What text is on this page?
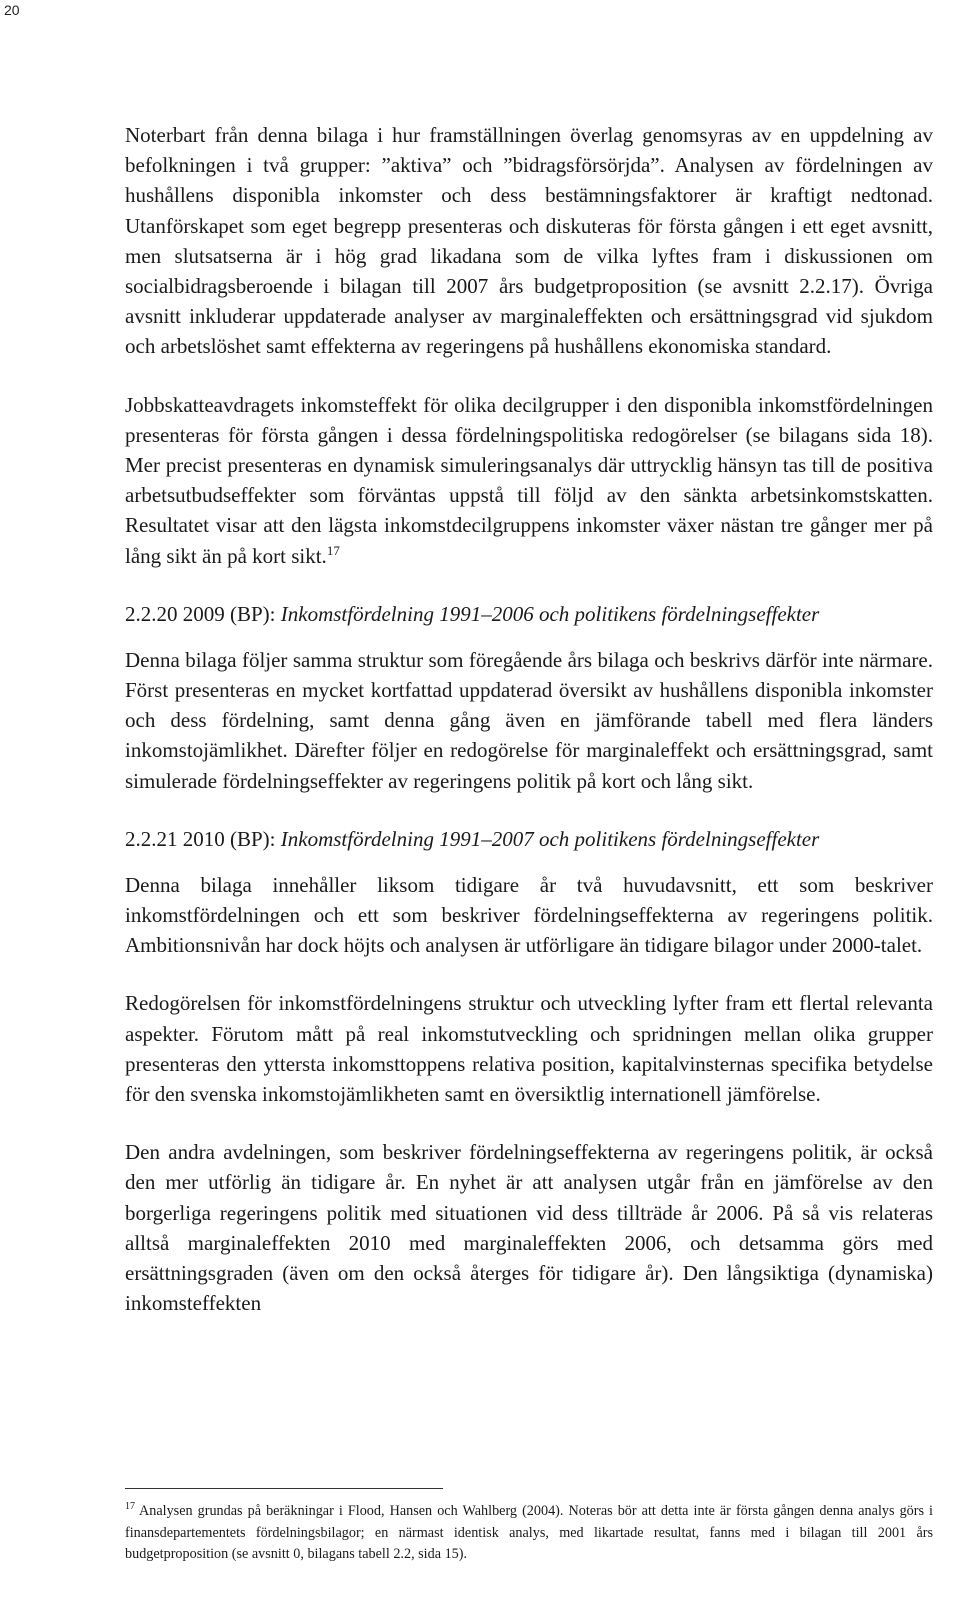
20

Noterbart från denna bilaga i hur framställningen överlag genomsyras av en uppdelning av befolkningen i två grupper: ”aktiva” och ”bidragsförsörjda”. Analysen av fördelningen av hushållens disponibla inkomster och dess bestämningsfaktorer är kraftigt nedtonad. Utanförskapet som eget begrepp presenteras och diskuteras för första gången i ett eget avsnitt, men slutsatserna är i hög grad likadana som de vilka lyftes fram i diskussionen om socialbidragsberoende i bilagan till 2007 års budgetproposition (se avsnitt 2.2.17). Övriga avsnitt inkluderar uppdaterade analyser av marginaleffekten och ersättningsgrad vid sjukdom och arbetslöshet samt effekterna av regeringens på hushållens ekonomiska standard.

Jobbskatteavdragets inkomsteffekt för olika decilgrupper i den disponibla inkomstfördelningen presenteras för första gången i dessa fördelningspolitiska redogörelser (se bilagans sida 18). Mer precist presenteras en dynamisk simuleringsanalys där uttrycklig hänsyn tas till de positiva arbetsutbudseffekter som förväntas uppstå till följd av den sänkta arbetsinkomstskatten. Resultatet visar att den lägsta inkomstdecilgruppens inkomster växer nästan tre gånger mer på lång sikt än på kort sikt.$^{17}$

2.2.20 2009 (BP): Inkomstfördelning 1991–2006 och politikens fördelningseffekter

Denna bilaga följer samma struktur som föregående års bilaga och beskrivs därför inte närmare. Först presenteras en mycket kortfattad uppdaterad översikt av hushållens disponibla inkomster och dess fördelning, samt denna gång även en jämförande tabell med flera länders inkomstojämlikhet. Därefter följer en redogörelse för marginaleffekt och ersättningsgrad, samt simulerade fördelningseffekter av regeringens politik på kort och lång sikt.

2.2.21 2010 (BP): Inkomstfördelning 1991–2007 och politikens fördelningseffekter

Denna bilaga innehåller liksom tidigare år två huvudavsnitt, ett som beskriver inkomstfördelningen och ett som beskriver fördelningseffekterna av regeringens politik. Ambitionsnivån har dock höjts och analysen är utförligare än tidigare bilagor under 2000-talet.

Redogörelsen för inkomstfördelningens struktur och utveckling lyfter fram ett flertal relevanta aspekter. Förutom mått på real inkomstutveckling och spridningen mellan olika grupper presenteras den yttersta inkomsttoppens relativa position, kapitalvinsternas specifika betydelse för den svenska inkomstojämlikheten samt en översiktlig internationell jämförelse.

Den andra avdelningen, som beskriver fördelningseffekterna av regeringens politik, är också den mer utförlig än tidigare år. En nyhet är att analysen utgår från en jämförelse av den borgerliga regeringens politik med situationen vid dess tillträde år 2006. På så vis relateras alltså marginaleffekten 2010 med marginaleffekten 2006, och detsamma görs med ersättningsgraden (även om den också återges för tidigare år). Den långsiktiga (dynamiska) inkomsteffekten

$^{17}$ Analysen grundas på beräkningar i Flood, Hansen och Wahlberg (2004). Noteras bör att detta inte är första gången denna analys görs i finansdepartementets fördelningsbilagor; en närmast identisk analys, med likartade resultat, fanns med i bilagan till 2001 års budgetproposition (se avsnitt 0, bilagans tabell 2.2, sida 15).
